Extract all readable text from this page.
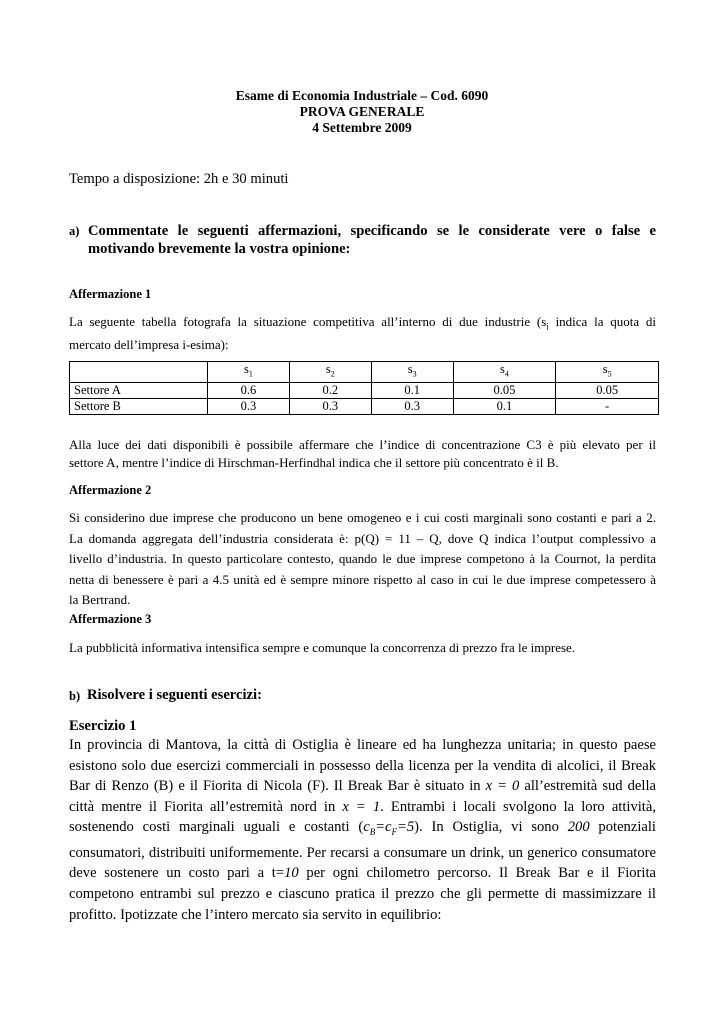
Esame di Economia Industriale – Cod. 6090
PROVA GENERALE
4 Settembre 2009
Tempo a disposizione: 2h e 30 minuti
a) Commentate le seguenti affermazioni, specificando se le considerate vere o false e
motivando brevemente la vostra opinione:
Affermazione 1
La seguente tabella fotografa la situazione competitiva all’interno di due industrie ($s_i$ indica la quota di
mercato dell’impresa i-esima):
	$s_1$	$s_2$	$s_3$	$s_4$	$s_5$
Settore A	0.6	0.2	0.1	0.05	0.05
Settore B	0.3	0.3	0.3	0.1	-
Alla luce dei dati disponibili è possibile affermare che l’indice di concentrazione C3 è più elevato per il
settore A, mentre l’indice di Hirschman-Herfindhal indica che il settore più concentrato è il B.
Affermazione 2
Si considerino due imprese che producono un bene omogeneo e i cui costi marginali sono costanti e pari a 2.
La domanda aggregata dell’industria considerata è: p(Q) = 11 – Q, dove Q indica l’output complessivo a
livello d’industria. In questo particolare contesto, quando le due imprese competono à la Cournot, la perdita
netta di benessere è pari a 4.5 unità ed è sempre minore rispetto al caso in cui le due imprese competessero à
la Bertrand.
Affermazione 3
La pubblicità informativa intensifica sempre e comunque la concorrenza di prezzo fra le imprese.
b) Risolvere i seguenti esercizi:
Esercizio 1
In provincia di Mantova, la città di Ostiglia è lineare ed ha lunghezza unitaria; in questo paese
esistono solo due esercizi commerciali in possesso della licenza per la vendita di alcolici, il Break
Bar di Renzo (B) e il Fiorita di Nicola (F). Il Break Bar è situato in x = 0 all’estremità sud della
città mentre il Fiorita all’estremità nord in x = 1. Entrambi i locali svolgono la loro attività,
sostenendo costi marginali uguali e costanti $(c_B=c_F=5)$. In Ostiglia, vi sono 200 potenziali
consumatori, distribuiti uniformemente. Per recarsi a consumare un drink, un generico consumatore
deve sostenere un costo pari a t=10 per ogni chilometro percorso. Il Break Bar e il Fiorita
competono entrambi sul prezzo e ciascuno pratica il prezzo che gli permette di massimizzare il
profitto. Ipotizzate che l’intero mercato sia servito in equilibrio:
